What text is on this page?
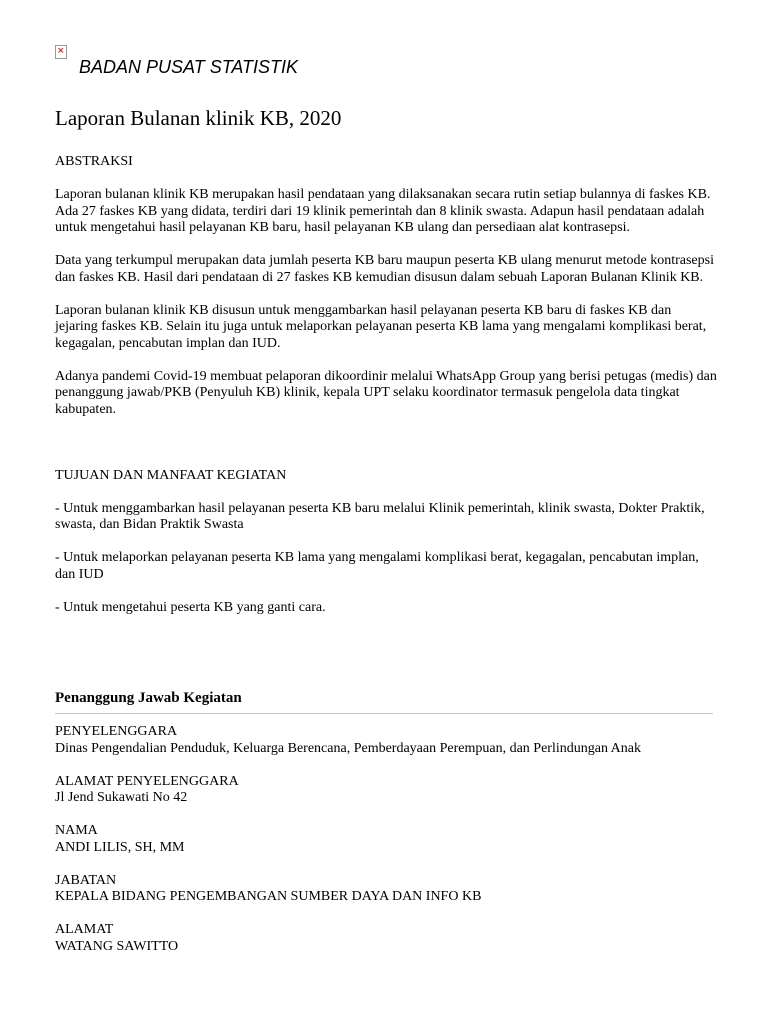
×
BADAN PUSAT STATISTIK
Laporan Bulanan klinik KB, 2020

ABSTRAKSI

Laporan bulanan klinik KB merupakan hasil pendataan yang dilaksanakan secara rutin setiap bulannya di faskes KB. Ada 27 faskes KB yang didata, terdiri dari 19 klinik pemerintah dan 8 klinik swasta. Adapun hasil pendataan adalah untuk mengetahui hasil pelayanan KB baru, hasil pelayanan KB ulang dan persediaan alat kontrasepsi.

Data yang terkumpul merupakan data jumlah peserta KB baru maupun peserta KB ulang menurut metode kontrasepsi dan faskes KB. Hasil dari pendataan di 27 faskes KB kemudian disusun dalam sebuah Laporan Bulanan Klinik KB.

Laporan bulanan klinik KB disusun untuk menggambarkan hasil pelayanan peserta KB baru di faskes KB dan jejaring faskes KB. Selain itu juga untuk melaporkan pelayanan peserta KB lama yang mengalami komplikasi berat, kegagalan, pencabutan implan dan IUD.

Adanya pandemi Covid-19 membuat pelaporan dikoordinir melalui WhatsApp Group yang berisi petugas (medis) dan penanggung jawab/PKB (Penyuluh KB) klinik, kepala UPT selaku koordinator termasuk pengelola data tingkat kabupaten.

TUJUAN DAN MANFAAT KEGIATAN

- Untuk menggambarkan hasil pelayanan peserta KB baru melalui Klinik pemerintah, klinik swasta, Dokter Praktik, swasta, dan Bidan Praktik Swasta

- Untuk melaporkan pelayanan peserta KB lama yang mengalami komplikasi berat, kegagalan, pencabutan implan, dan IUD

- Untuk mengetahui peserta KB yang ganti cara.

Penanggung Jawab Kegiatan
PENYELENGGARA
Dinas Pengendalian Penduduk, Keluarga Berencana, Pemberdayaan Perempuan, dan Perlindungan Anak
ALAMAT PENYELENGGARA
Jl Jend Sukawati No 42
NAMA
ANDI LILIS, SH, MM
JABATAN
KEPALA BIDANG PENGEMBANGAN SUMBER DAYA DAN INFO KB
ALAMAT
WATANG SAWITTO
